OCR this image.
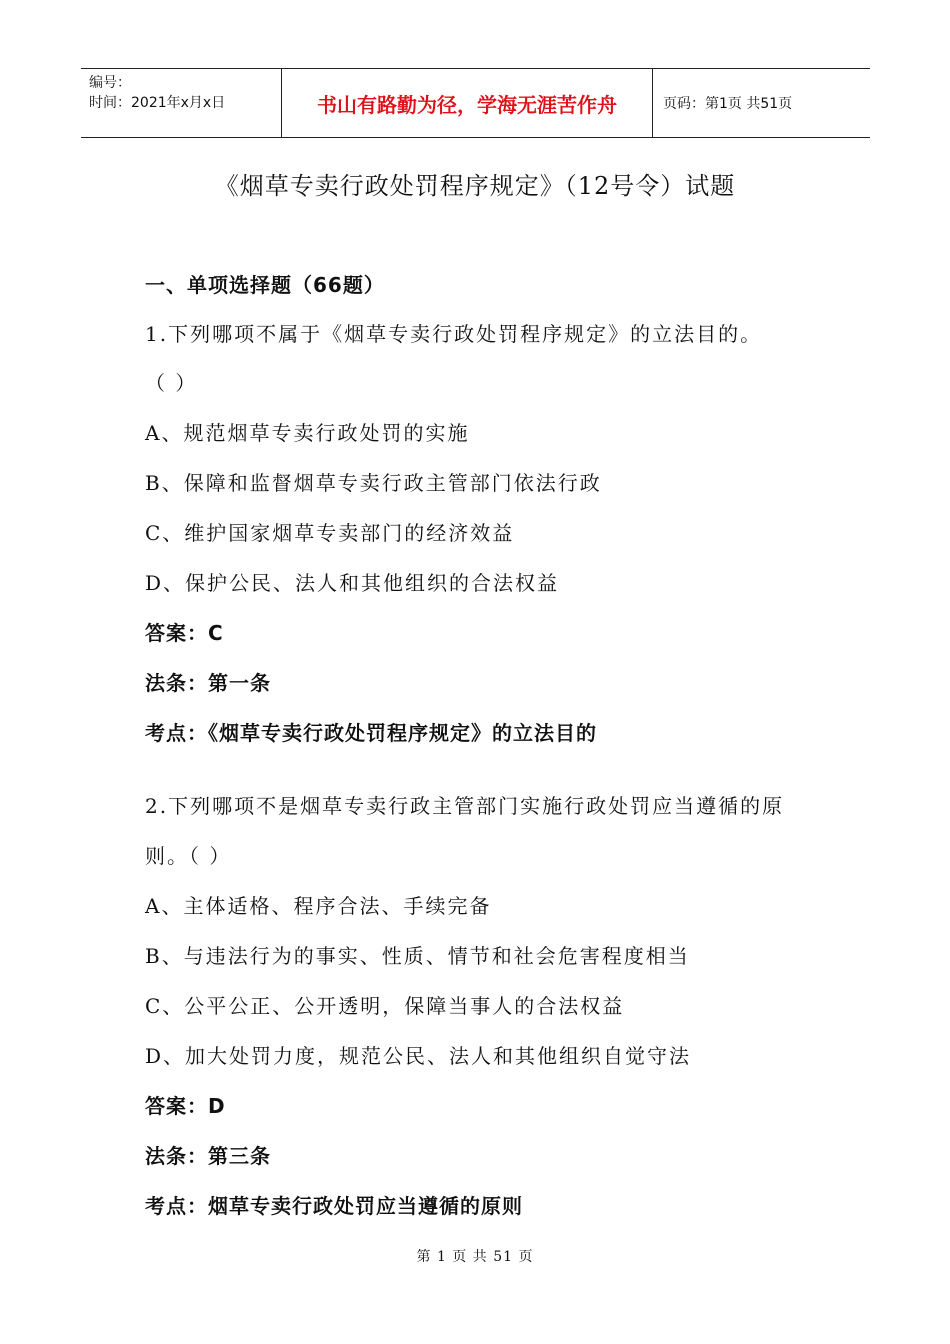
编号：
时间：2021年x月x日	书山有路勤为径，学海无涯苦作舟	页码：第1页 共51页
《烟草专卖行政处罚程序规定》（12号令）试题
一、单项选择题（66题）
1.下列哪项不属于《烟草专卖行政处罚程序规定》的立法目的。
（ ）
A、规范烟草专卖行政处罚的实施
B、保障和监督烟草专卖行政主管部门依法行政
C、维护国家烟草专卖部门的经济效益
D、保护公民、法人和其他组织的合法权益
答案：C
法条：第一条
考点：《烟草专卖行政处罚程序规定》的立法目的
2.下列哪项不是烟草专卖行政主管部门实施行政处罚应当遵循的原
则。（ ）
A、主体适格、程序合法、手续完备
B、与违法行为的事实、性质、情节和社会危害程度相当
C、公平公正、公开透明，保障当事人的合法权益
D、加大处罚力度，规范公民、法人和其他组织自觉守法
答案：D
法条：第三条
考点：烟草专卖行政处罚应当遵循的原则
第 1 页 共 51 页
